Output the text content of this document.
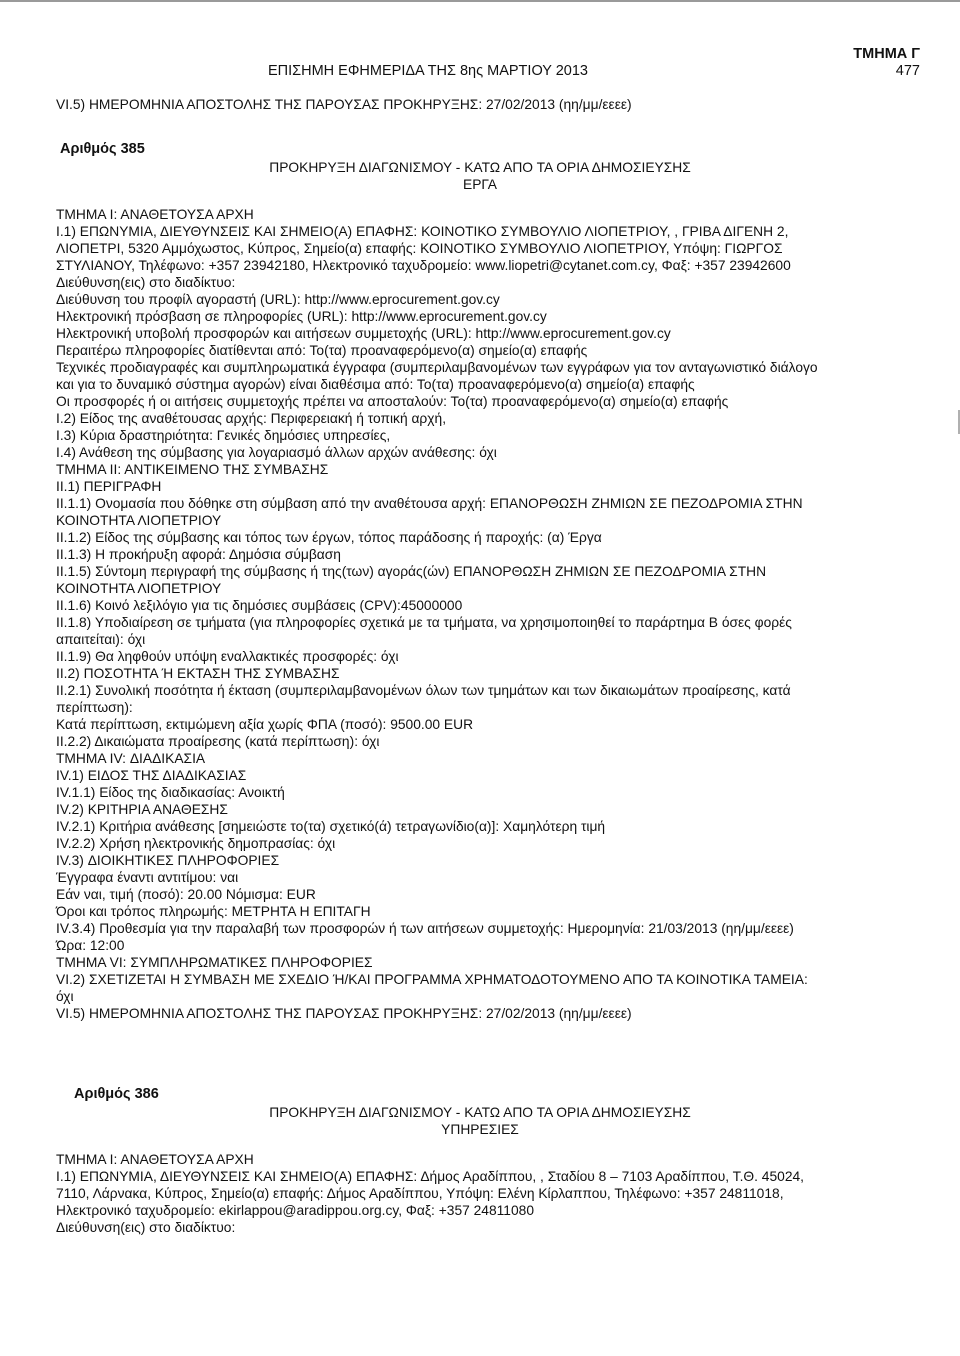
ΕΠΙΣΗΜΗ ΕΦΗΜΕΡΙΔΑ ΤΗΣ 8ης ΜΑΡΤΙΟΥ 2013
ΤΜΗΜΑ Γ
477
VI.5) ΗΜΕΡΟΜΗΝΙΑ ΑΠΟΣΤΟΛΗΣ ΤΗΣ ΠΑΡΟΥΣΑΣ ΠΡΟΚΗΡΥΞΗΣ: 27/02/2013 (ηη/μμ/εεεε)
Αριθμός 385
ΠΡΟΚΗΡΥΞΗ ΔΙΑΓΩΝΙΣΜΟΥ - ΚΑΤΩ ΑΠΟ ΤΑ ΟΡΙΑ ΔΗΜΟΣΙΕΥΣΗΣ
ΕΡΓΑ
ΤΜΗΜΑ Ι: ΑΝΑΘΕΤΟΥΣΑ ΑΡΧΗ
Ι.1) ΕΠΩΝΥΜΙΑ, ΔΙΕΥΘΥΝΣΕΙΣ ΚΑΙ ΣΗΜΕΙΟ(Α) ΕΠΑΦΗΣ: ΚΟΙΝΟΤΙΚΟ ΣΥΜΒΟΥΛΙΟ ΛΙΟΠΕΤΡΙΟΥ, , ΓΡΙΒΑ ΔΙΓΕΝΗ 2,
ΛΙΟΠΕΤΡΙ, 5320 Αμμόχωστος, Κύπρος, Σημείο(α) επαφής: ΚΟΙΝΟΤΙΚΟ ΣΥΜΒΟΥΛΙΟ ΛΙΟΠΕΤΡΙΟΥ, Υπόψη: ΓΙΩΡΓΟΣ
ΣΤΥΛΙΑΝΟΥ, Τηλέφωνο: +357 23942180, Ηλεκτρονικό ταχυδρομείο: www.liopetri@cytanet.com.cy, Φαξ: +357 23942600
Διεύθυνση(εις) στο διαδίκτυο:
Διεύθυνση του προφίλ αγοραστή (URL): http://www.eprocurement.gov.cy
Ηλεκτρονική πρόσβαση σε πληροφορίες (URL): http://www.eprocurement.gov.cy
Ηλεκτρονική υποβολή προσφορών και αιτήσεων συμμετοχής (URL): http://www.eprocurement.gov.cy
Περαιτέρω πληροφορίες διατίθενται από: Το(τα) προαναφερόμενο(α) σημείο(α) επαφής
Τεχνικές προδιαγραφές και συμπληρωματικά έγγραφα (συμπεριλαμβανομένων των εγγράφων για τον ανταγωνιστικό διάλογο
και για το δυναμικό σύστημα αγορών) είναι διαθέσιμα από: Το(τα) προαναφερόμενο(α) σημείο(α) επαφής
Οι προσφορές ή οι αιτήσεις συμμετοχής πρέπει να αποσταλούν: Το(τα) προαναφερόμενο(α) σημείο(α) επαφής
Ι.2) Είδος της αναθέτουσας αρχής: Περιφερειακή ή τοπική αρχή,
Ι.3) Κύρια δραστηριότητα: Γενικές δημόσιες υπηρεσίες,
Ι.4) Ανάθεση της σύμβασης για λογαριασμό άλλων αρχών ανάθεσης: όχι
ΤΜΗΜΑ ΙΙ: ΑΝΤΙΚΕΙΜΕΝΟ ΤΗΣ ΣΥΜΒΑΣΗΣ
ΙΙ.1) ΠΕΡΙΓΡΑΦΗ
ΙΙ.1.1) Ονομασία που δόθηκε στη σύμβαση από την αναθέτουσα αρχή: ΕΠΑΝΟΡΘΩΣΗ ΖΗΜΙΩΝ ΣΕ ΠΕΖΟΔΡΟΜΙΑ ΣΤΗΝ
ΚΟΙΝΟΤΗΤΑ ΛΙΟΠΕΤΡΙΟΥ
ΙΙ.1.2) Είδος της σύμβασης και τόπος των έργων, τόπος παράδοσης ή παροχής: (α) Έργα
ΙΙ.1.3) Η προκήρυξη αφορά: Δημόσια σύμβαση
ΙΙ.1.5) Σύντομη περιγραφή της σύμβασης ή της(των) αγοράς(ών) ΕΠΑΝΟΡΘΩΣΗ ΖΗΜΙΩΝ ΣΕ ΠΕΖΟΔΡΟΜΙΑ ΣΤΗΝ
ΚΟΙΝΟΤΗΤΑ ΛΙΟΠΕΤΡΙΟΥ
ΙΙ.1.6) Κοινό λεξιλόγιο για τις δημόσιες συμβάσεις (CPV):45000000
ΙΙ.1.8) Υποδιαίρεση σε τμήματα (για πληροφορίες σχετικά με τα τμήματα, να χρησιμοποιηθεί το παράρτημα Β όσες φορές
απαιτείται): όχι
ΙΙ.1.9) Θα ληφθούν υπόψη εναλλακτικές προσφορές: όχι
ΙΙ.2) ΠΟΣΟΤΗΤΑ Ή ΕΚΤΑΣΗ ΤΗΣ ΣΥΜΒΑΣΗΣ
ΙΙ.2.1) Συνολική ποσότητα ή έκταση (συμπεριλαμβανομένων όλων των τμημάτων και των δικαιωμάτων προαίρεσης, κατά
περίπτωση):
Κατά περίπτωση, εκτιμώμενη αξία χωρίς ΦΠΑ (ποσό): 9500.00 EUR
ΙΙ.2.2) Δικαιώματα προαίρεσης (κατά περίπτωση): όχι
ΤΜΗΜΑ IV: ΔΙΑΔΙΚΑΣΙΑ
IV.1) ΕΙΔΟΣ ΤΗΣ ΔΙΑΔΙΚΑΣΙΑΣ
IV.1.1) Είδος της διαδικασίας: Ανοικτή
IV.2) ΚΡΙΤΗΡΙΑ ΑΝΑΘΕΣΗΣ
IV.2.1) Κριτήρια ανάθεσης [σημειώστε το(τα) σχετικό(ά) τετραγωνίδιο(α)]: Χαμηλότερη τιμή
IV.2.2) Χρήση ηλεκτρονικής δημοπρασίας: όχι
IV.3) ΔΙΟΙΚΗΤΙΚΕΣ ΠΛΗΡΟΦΟΡΙΕΣ
Έγγραφα έναντι αντιτίμου: ναι
Εάν ναι, τιμή (ποσό): 20.00 Νόμισμα: EUR
Όροι και τρόπος πληρωμής: ΜΕΤΡΗΤΑ Η ΕΠΙΤΑΓΗ
IV.3.4) Προθεσμία για την παραλαβή των προσφορών ή των αιτήσεων συμμετοχής: Ημερομηνία: 21/03/2013 (ηη/μμ/εεεε)
Ώρα: 12:00
ΤΜΗΜΑ VI: ΣΥΜΠΛΗΡΩΜΑΤΙΚΕΣ ΠΛΗΡΟΦΟΡΙΕΣ
VI.2) ΣΧΕΤΙΖΕΤΑΙ Η ΣΥΜΒΑΣΗ ΜΕ ΣΧΕΔΙΟ Ή/ΚΑΙ ΠΡΟΓΡΑΜΜΑ ΧΡΗΜΑΤΟΔΟΤΟΥΜΕΝΟ ΑΠΟ ΤΑ ΚΟΙΝΟΤΙΚΑ ΤΑΜΕΙΑ:
όχι
VI.5) ΗΜΕΡΟΜΗΝΙΑ ΑΠΟΣΤΟΛΗΣ ΤΗΣ ΠΑΡΟΥΣΑΣ ΠΡΟΚΗΡΥΞΗΣ: 27/02/2013 (ηη/μμ/εεεε)
Αριθμός 386
ΠΡΟΚΗΡΥΞΗ ΔΙΑΓΩΝΙΣΜΟΥ - ΚΑΤΩ ΑΠΟ ΤΑ ΟΡΙΑ ΔΗΜΟΣΙΕΥΣΗΣ
ΥΠΗΡΕΣΙΕΣ
ΤΜΗΜΑ Ι: ΑΝΑΘΕΤΟΥΣΑ ΑΡΧΗ
Ι.1) ΕΠΩΝΥΜΙΑ, ΔΙΕΥΘΥΝΣΕΙΣ ΚΑΙ ΣΗΜΕΙΟ(Α) ΕΠΑΦΗΣ: Δήμος Αραδίππου, , Σταδίου 8 – 7103 Αραδίππου, Τ.Θ. 45024,
7110, Λάρνακα, Κύπρος, Σημείο(α) επαφής: Δήμος Αραδίππου, Υπόψη: Ελένη Κίρλαππου, Τηλέφωνο: +357 24811018,
Ηλεκτρονικό ταχυδρομείο: ekirlappou@aradippou.org.cy, Φαξ: +357 24811080
Διεύθυνση(εις) στο διαδίκτυο:
